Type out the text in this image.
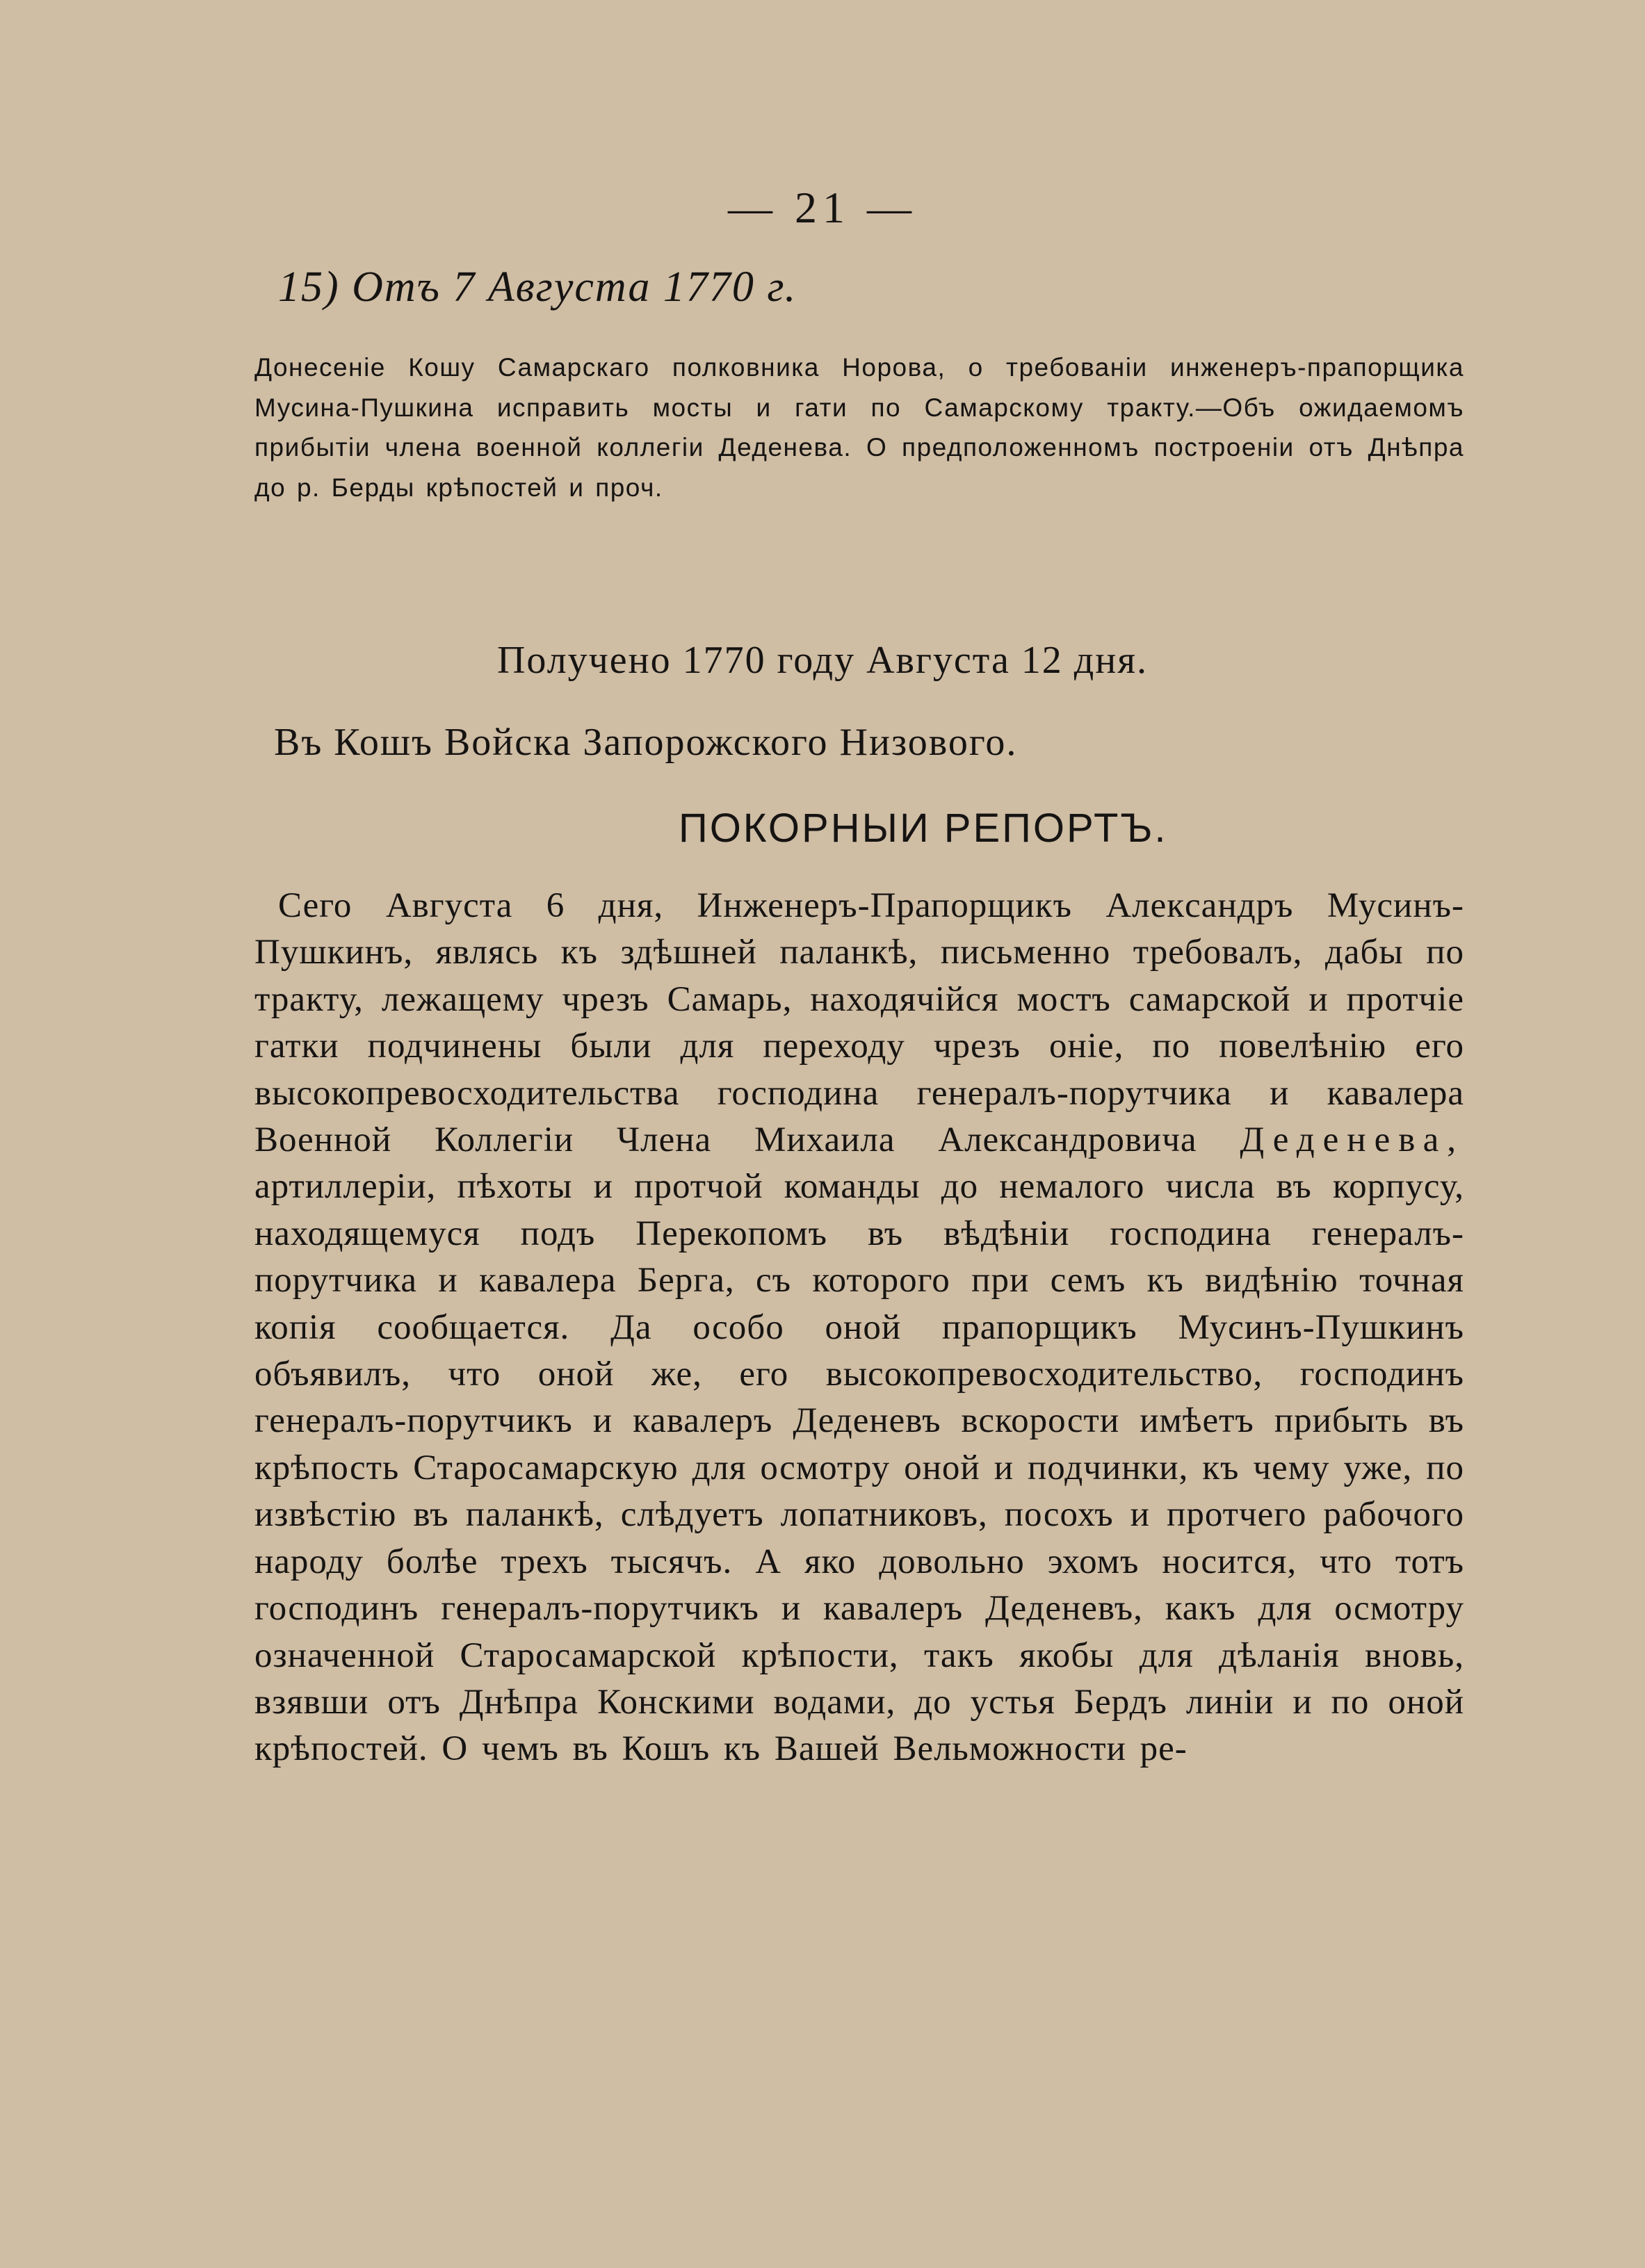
— 21 —
15) Отъ 7 Августа 1770 г.
Донесеніе Кошу Самарскаго полковника Норова, о требованіи инженеръ-прапорщика Мусина-Пушкина исправить мосты и гати по Самарскому тракту.—Объ ожидаемомъ прибытіи члена военной коллегіи Деденева. О предположенномъ построеніи отъ Днѣпра до р. Берды крѣпостей и проч.
Получено 1770 году Августа 12 дня.
Въ Кошъ Войска Запорожского Низового.
ПОКОРНЫИ РЕПОРТЪ.

Сего Августа 6 дня, Инженеръ-Прапорщикъ Алекcандръ Мусинъ-Пушкинъ, являсь къ здѣшней паланкѣ, письменно требовалъ, дабы по тракту, лежащему чрезъ Самарь, находячійся мостъ самарской и протчіе гатки подчинены были для переходу чрезъ оніе, по повелѣнію его высокопревосходительства господина генералъ-порутчика и кавалера Военной Коллегіи Члена Михаила Александровича Деденева, артиллеріи, пѣхоты и протчой команды до немалого числа въ корпусу, находящемуся подъ Перекопомъ въ вѣдѣніи господина генералъ-порутчика и кавалера Берга, съ которого при семъ къ видѣнію точная копія сообщается. Да особо оной прапорщикъ Мусинъ-Пушкинъ объявилъ, что оной же, его высокопревосходительство, господинъ генералъ-порутчикъ и кавалеръ Деденевъ вскорости имѣетъ прибыть въ крѣпость Старосамарскую для осмотру оной и подчинки, къ чему уже, по извѣстію въ паланкѣ, слѣдуетъ лопатниковъ, посохъ и протчего рабочого народу болѣе трехъ тысячъ. А яко довольно эхомъ носится, что тотъ господинъ генералъ-порутчикъ и кавалеръ Деденевъ, какъ для осмотру означенной Старосамарской крѣпости, такъ якобы для дѣланія вновь, взявши отъ Днѣпра Конскими водами, до устья Бердъ линіи и по оной крѣпостей. О чемъ въ Кошъ къ Вашей Вельможности ре-
